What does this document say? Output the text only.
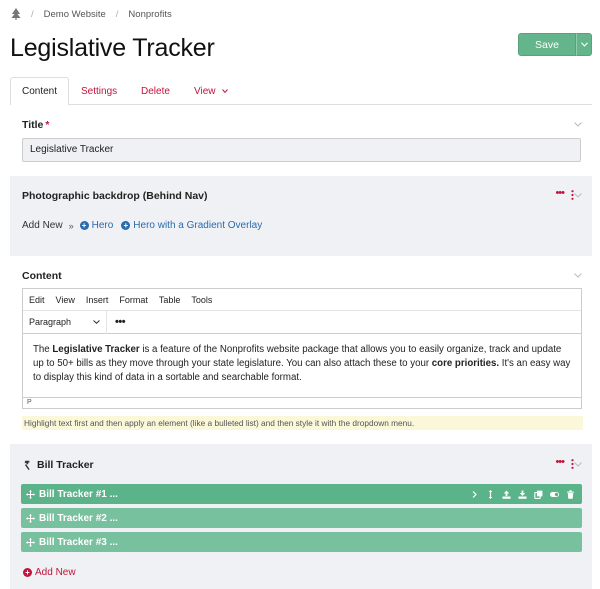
/ Demo Website / Nonprofits
Legislative Tracker	Save
Content Settings Delete View
Title *
Legislative Tracker
Photographic backdrop (Behind Nav)	•••
Add New » + Hero + Hero with a Gradient Overlay
Content
Edit View Insert Format Table Tools
Paragraph	•••
The Legislative Tracker is a feature of the Nonprofits website package that allows you to easily organize, track and update up to 50+ bills as they move through your state legislature. You can also attach these to your core priorities. It's an easy way to display this kind of data in a sortable and searchable format.
P
Highlight text first and then apply an element (like a bulleted list) and then style it with the dropdown menu.
Bill Tracker	•••
Bill Tracker #1 ...
Bill Tracker #2 ...
Bill Tracker #3 ...
+ Add New
